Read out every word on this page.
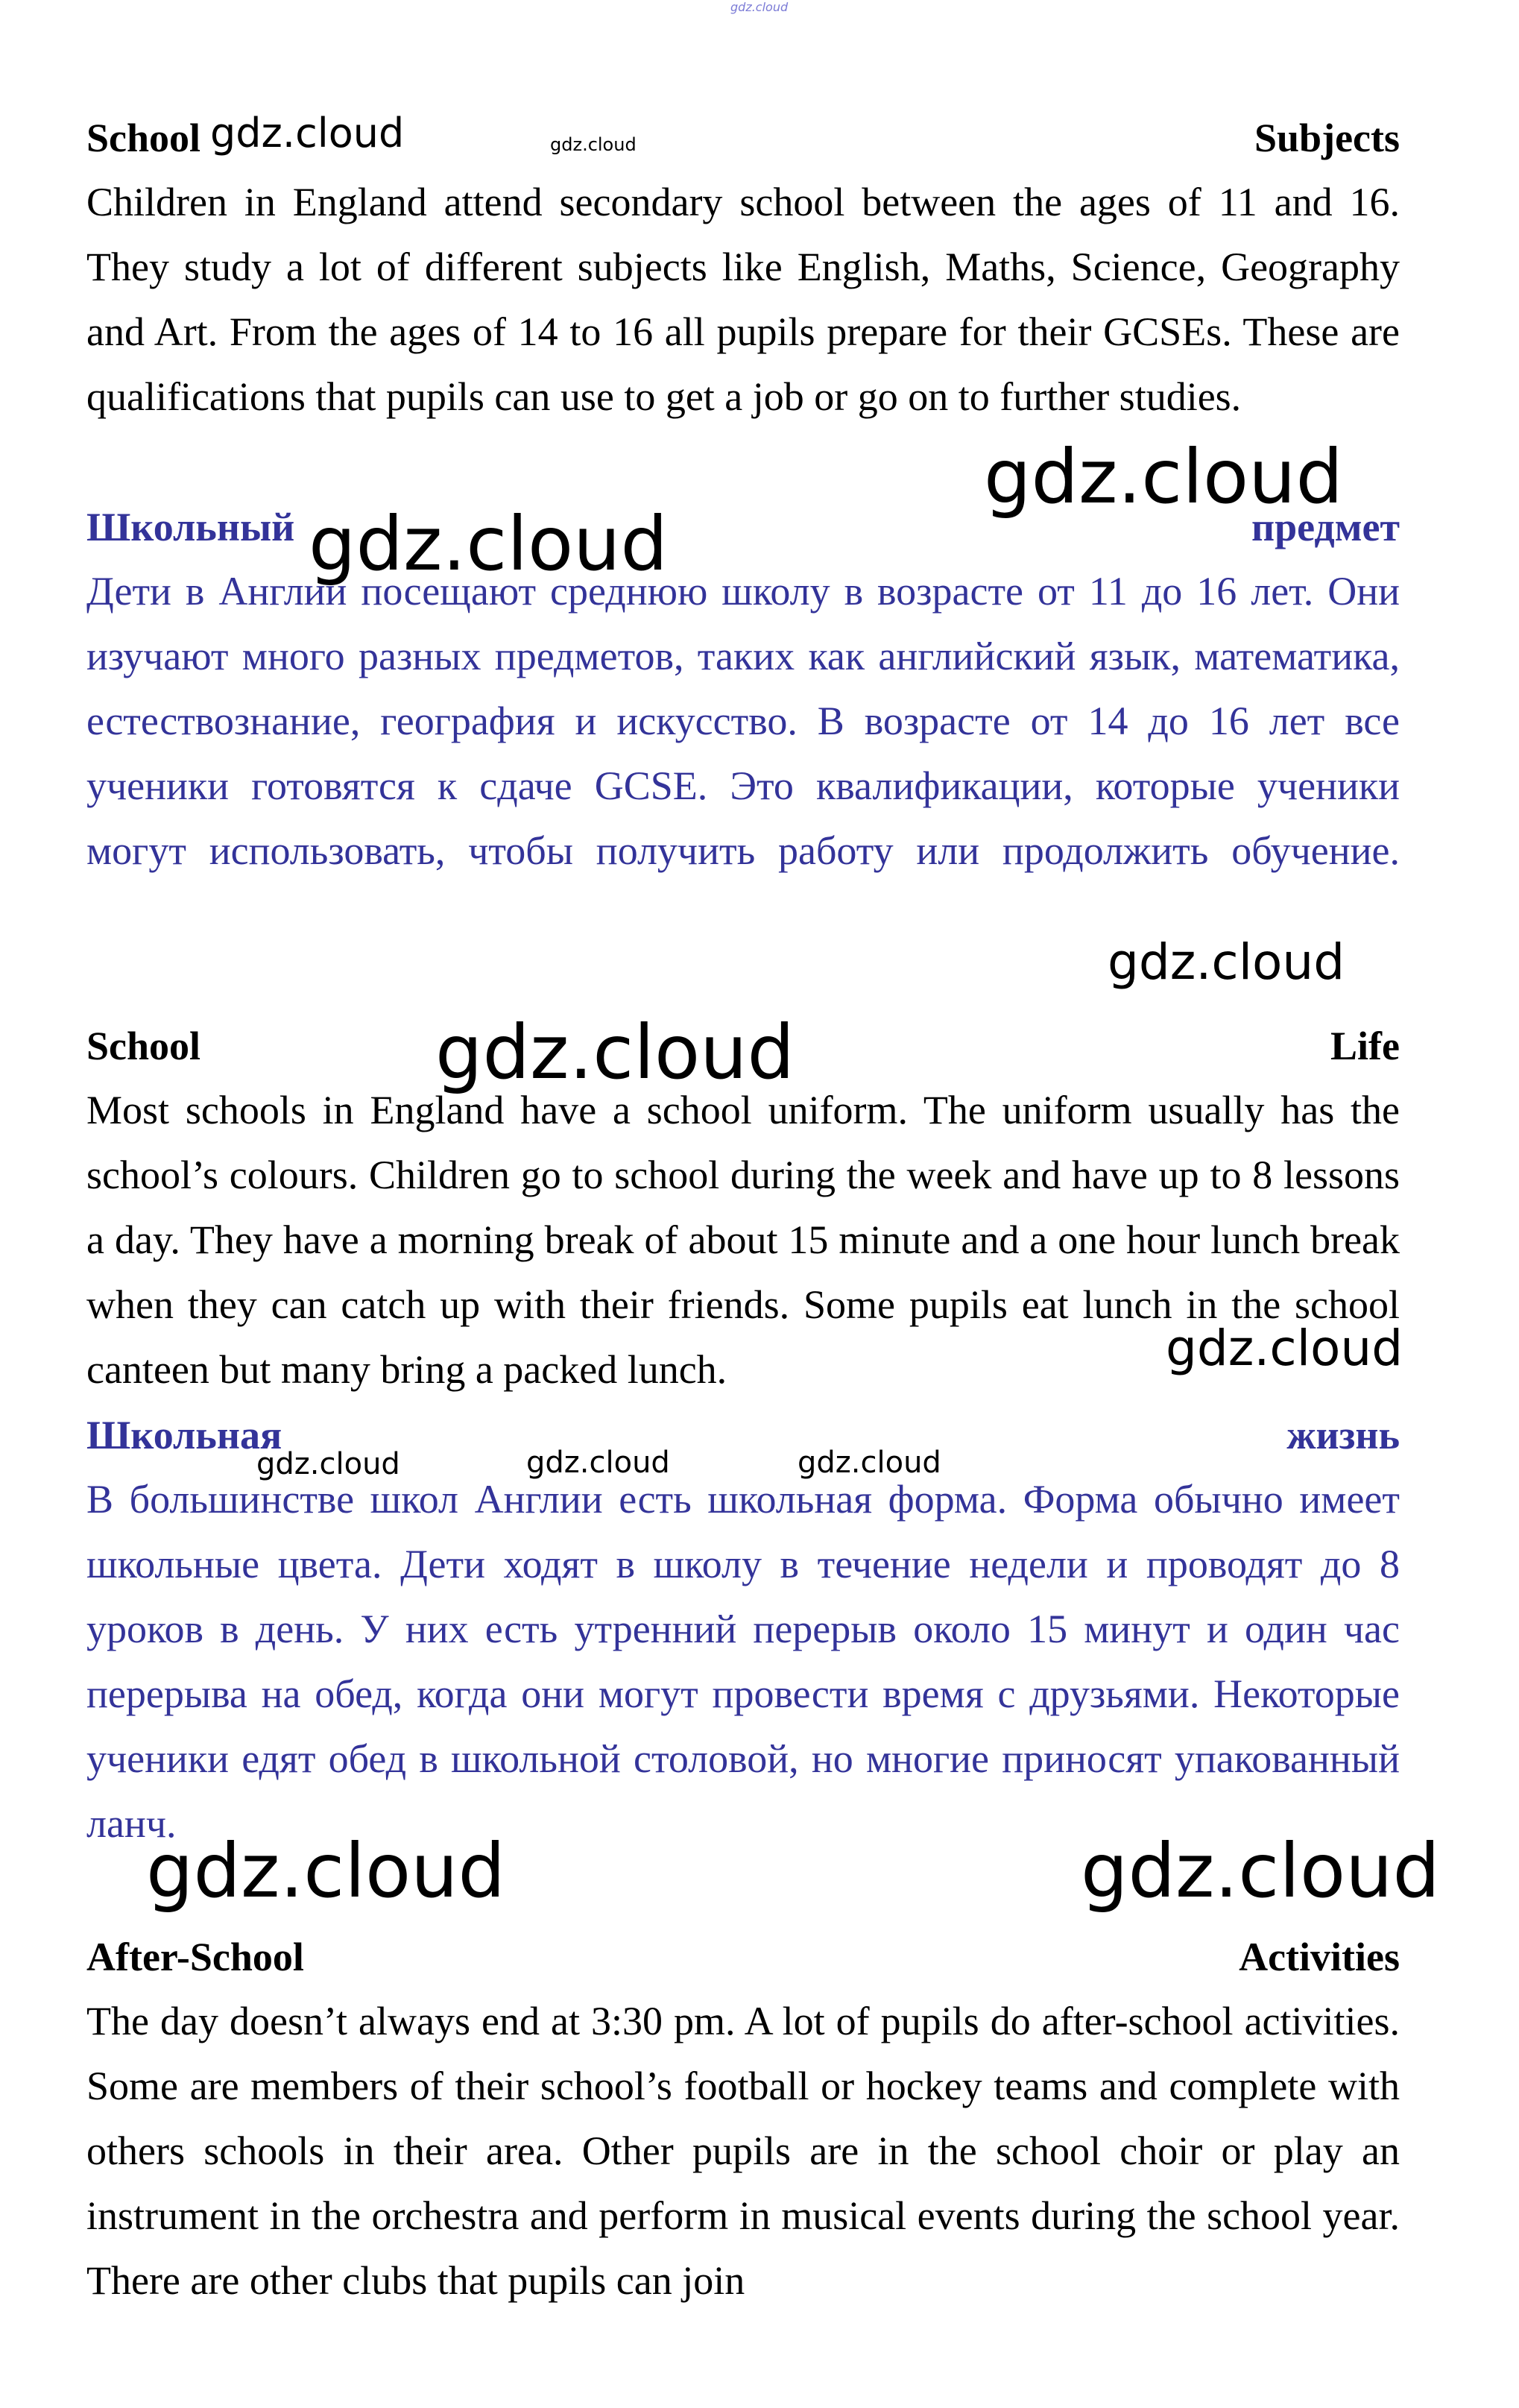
gdz.cloud
School	Subjects

Children in England attend secondary school between the ages of 11 and 16. They study a lot of different subjects like English, Maths, Science, Geography and Art. From the ages of 14 to 16 all pupils prepare for their GCSEs. These are qualifications that pupils can use to get a job or go on to further studies.

Школьный	предмет

Дети в Англии посещают среднюю школу в возрасте от 11 до 16 лет. Они изучают много разных предметов, таких как английский язык, математика, естествознание, география и искусство. В возрасте от 14 до 16 лет все ученики готовятся к сдаче GCSE. Это квалификации, которые ученики могут использовать, чтобы получить работу или продолжить обучение.

School	Life

Most schools in England have a school uniform. The uniform usually has the school’s colours. Children go to school during the week and have up to 8 lessons a day. They have a morning break of about 15 minute and a one hour lunch break when they can catch up with their friends. Some pupils eat lunch in the school canteen but many bring a packed lunch.

Школьная	жизнь

В большинстве школ Англии есть школьная форма. Форма обычно имеет школьные цвета. Дети ходят в школу в течение недели и проводят до 8 уроков в день. У них есть утренний перерыв около 15 минут и один час перерыва на обед, когда они могут провести время с друзьями. Некоторые ученики едят обед в школьной столовой, но многие приносят упакованный ланч.

After-School	Activities

The day doesn’t always end at 3:30 pm. A lot of pupils do after-school activities. Some are members of their school’s football or hockey teams and complete with others schools in their area. Other pupils are in the school choir or play an instrument in the orchestra and perform in musical events during the school year. There are other clubs that pupils can join

gdz.cloud	gdz.cloud
gdz.cloud
gdz.cloud
gdz.cloud
gdz.cloud
gdz.cloud
gdz.cloud	gdz.cloud	gdz.cloud
gdz.cloud	gdz.cloud
